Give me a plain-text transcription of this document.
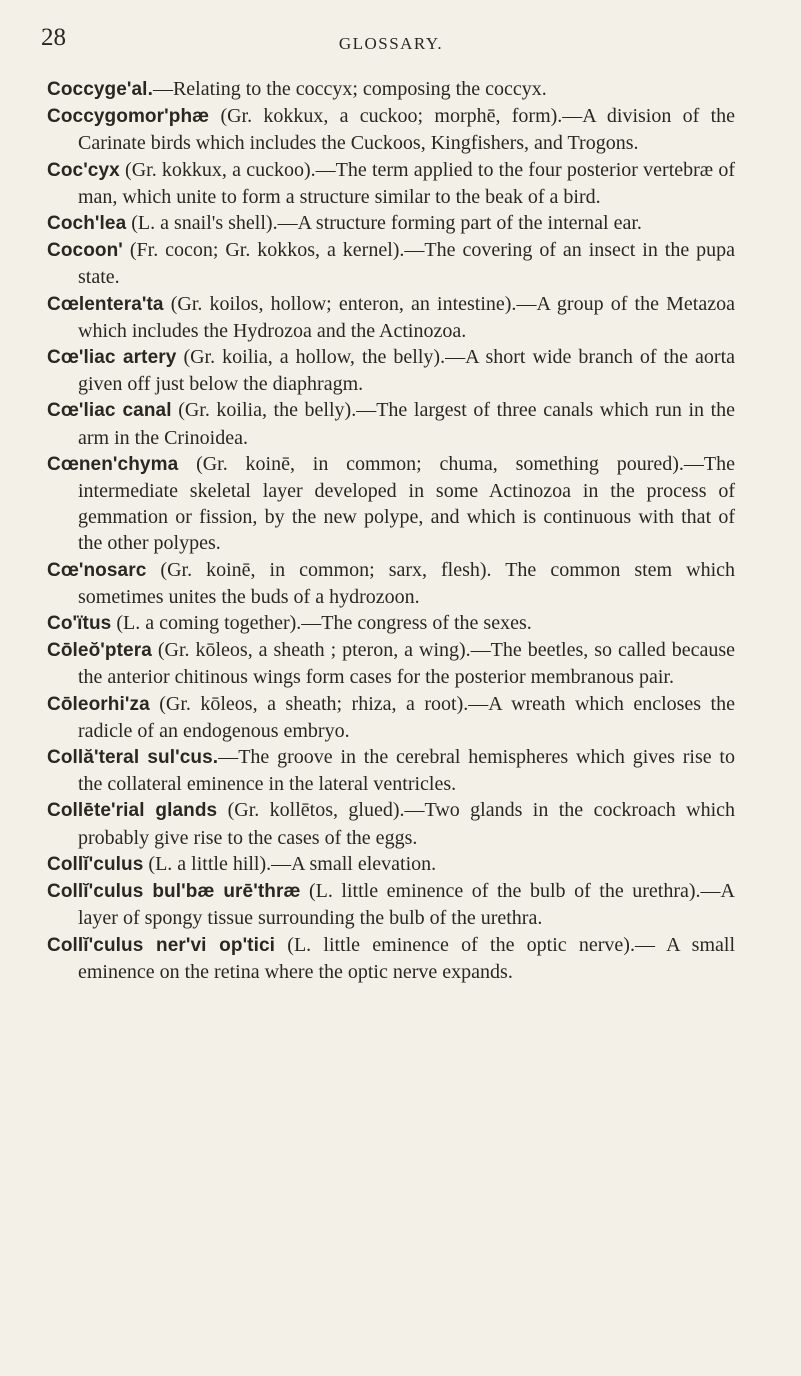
28	GLOSSARY.

Coccyge'al.—Relating to the coccyx; composing the coccyx.

Coccygomor'phæ (Gr. kokkux, a cuckoo; morphē, form).—A division of the Carinate birds which includes the Cuckoos, Kingfishers, and Trogons.

Coc'cyx (Gr. kokkux, a cuckoo).—The term applied to the four posterior vertebræ of man, which unite to form a structure similar to the beak of a bird.

Coch'lea (L. a snail's shell).—A structure forming part of the internal ear.

Cocoon' (Fr. cocon; Gr. kokkos, a kernel).—The covering of an insect in the pupa state.

Cœlentera'ta (Gr. koilos, hollow; enteron, an intestine).—A group of the Metazoa which includes the Hydrozoa and the Actinozoa.

Cœ'liac artery (Gr. koilia, a hollow, the belly).—A short wide branch of the aorta given off just below the diaphragm.

Cœ'liac canal (Gr. koilia, the belly).—The largest of three canals which run in the arm in the Crinoidea.

Cœnen'chyma (Gr. koinē, in common; chuma, something poured).—The intermediate skeletal layer developed in some Actinozoa in the process of gemmation or fission, by the new polype, and which is continuous with that of the other polypes.

Cœ'nosarc (Gr. koinē, in common; sarx, flesh). The common stem which sometimes unites the buds of a hydrozoon.

Co'ïtus (L. a coming together).—The congress of the sexes.

Cōleŏ'ptera (Gr. kōleos, a sheath ; pteron, a wing).—The beetles, so called because the anterior chitinous wings form cases for the posterior membranous pair.

Cōleorhi'za (Gr. kōleos, a sheath; rhiza, a root).—A wreath which encloses the radicle of an endogenous embryo.

Collă'teral sul'cus.—The groove in the cerebral hemispheres which gives rise to the collateral eminence in the lateral ventricles.

Collēte'rial glands (Gr. kollētos, glued).—Two glands in the cockroach which probably give rise to the cases of the eggs.

Collĭ'culus (L. a little hill).—A small elevation.

Collĭ'culus bul'bæ urē'thræ (L. little eminence of the bulb of the urethra).—A layer of spongy tissue surrounding the bulb of the urethra.

Collĭ'culus ner'vi op'tici (L. little eminence of the optic nerve).— A small eminence on the retina where the optic nerve expands.
